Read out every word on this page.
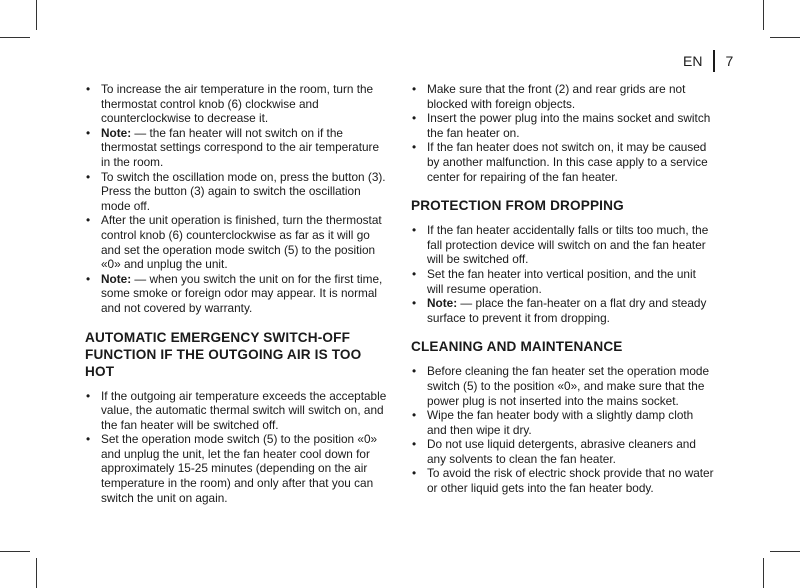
EN 7
• To increase the air temperature in the room, turn the thermostat control knob (6) clockwise and counterclockwise to decrease it.
• Note: — the fan heater will not switch on if the thermostat settings correspond to the air temperature in the room.
• To switch the oscillation mode on, press the button (3). Press the button (3) again to switch the oscillation mode off.
• After the unit operation is finished, turn the thermostat control knob (6) counterclockwise as far as it will go and set the operation mode switch (5) to the position «0» and unplug the unit.
• Note: — when you switch the unit on for the first time, some smoke or foreign odor may appear. It is normal and not covered by warranty.
AUTOMATIC EMERGENCY SWITCH-OFF FUNCTION IF THE OUTGOING AIR IS TOO HOT
• If the outgoing air temperature exceeds the acceptable value, the automatic thermal switch will switch on, and the fan heater will be switched off.
• Set the operation mode switch (5) to the position «0» and unplug the unit, let the fan heater cool down for approximately 15-25 minutes (depending on the air temperature in the room) and only after that you can switch the unit on again.
• Make sure that the front (2) and rear grids are not blocked with foreign objects.
• Insert the power plug into the mains socket and switch the fan heater on.
• If the fan heater does not switch on, it may be caused by another malfunction. In this case apply to a service center for repairing of the fan heater.
PROTECTION FROM DROPPING
• If the fan heater accidentally falls or tilts too much, the fall protection device will switch on and the fan heater will be switched off.
• Set the fan heater into vertical position, and the unit will resume operation.
• Note: — place the fan-heater on a flat dry and steady surface to prevent it from dropping.
CLEANING AND MAINTENANCE
• Before cleaning the fan heater set the operation mode switch (5) to the position «0», and make sure that the power plug is not inserted into the mains socket.
• Wipe the fan heater body with a slightly damp cloth and then wipe it dry.
• Do not use liquid detergents, abrasive cleaners and any solvents to clean the fan heater.
• To avoid the risk of electric shock provide that no water or other liquid gets into the fan heater body.
